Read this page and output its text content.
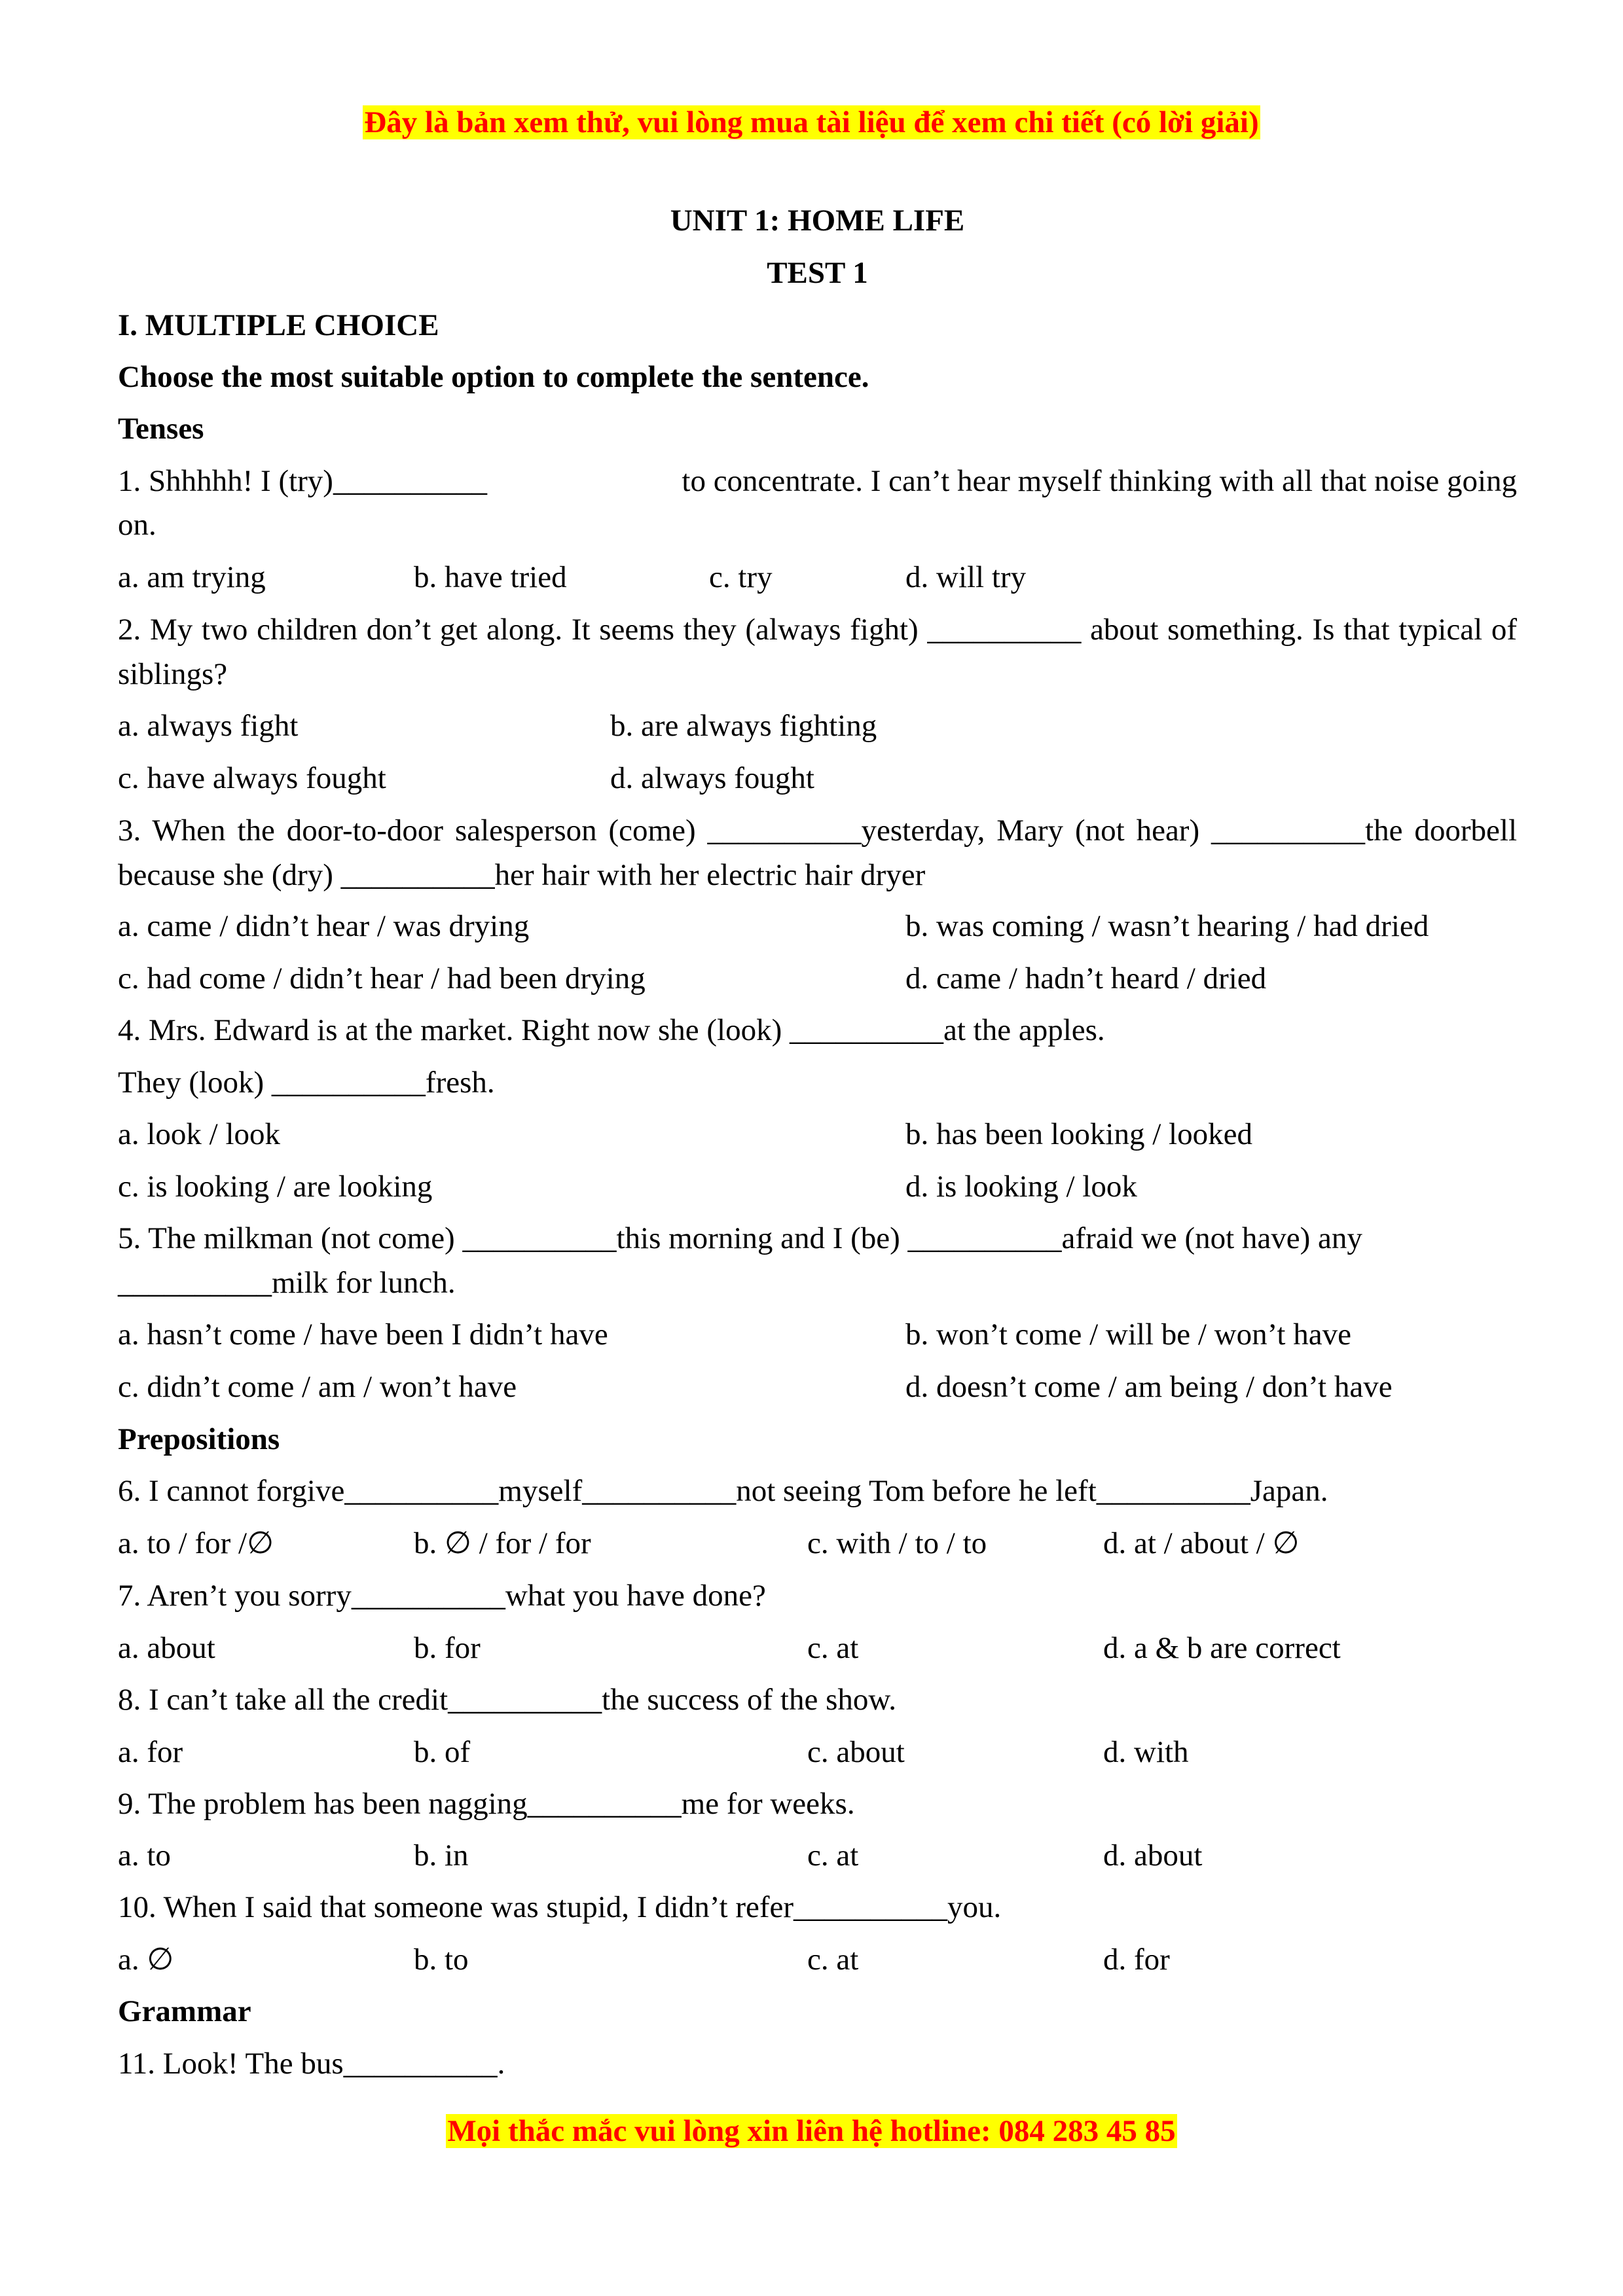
Đây là bản xem thử, vui lòng mua tài liệu để xem chi tiết (có lời giải)
UNIT 1: HOME LIFE
TEST 1
I. MULTIPLE CHOICE
Choose the most suitable option to complete the sentence.
Tenses
1. Shhhhh! I (try)__________	to concentrate. I can’t hear myself thinking with all that noise going
on.
a. am trying	b. have tried	c. try	d. will try
2. My two children don’t get along. It seems they (always fight) __________ about something. Is that typical of siblings?
a. always fight	b. are always fighting
c. have always fought	d. always fought
3. When the door-to-door salesperson (come) __________yesterday, Mary (not hear) __________the doorbell because she (dry) __________her hair with her electric hair dryer
a. came / didn’t hear / was drying	b. was coming / wasn’t hearing / had dried
c. had come / didn’t hear / had been drying	d. came / hadn’t heard / dried
4. Mrs. Edward is at the market. Right now she (look) __________at the apples.
They (look) __________fresh.
a. look / look	b. has been looking / looked
c. is looking / are looking	d. is looking / look
5. The milkman (not come) __________this morning and I (be) __________afraid we (not have) any
__________milk for lunch.
a. hasn’t come / have been I didn’t have	b. won’t come / will be / won’t have
c. didn’t come / am / won’t have	d. doesn’t come / am being / don’t have
Prepositions
6. I cannot forgive__________myself__________not seeing Tom before he left__________Japan.
a. to / for /∅	b. ∅ / for / for	c. with / to / to	d. at / about / ∅
7. Aren’t you sorry__________what you have done?
a. about	b. for	c. at	d. a & b are correct
8. I can’t take all the credit__________the success of the show.
a. for	b. of	c. about	d. with
9. The problem has been nagging__________me for weeks.
a. to	b. in	c. at	d. about
10. When I said that someone was stupid, I didn’t refer__________you.
a. ∅	b. to	c. at	d. for
Grammar
11. Look! The bus__________.
Mọi thắc mắc vui lòng xin liên hệ hotline: 084 283 45 85
